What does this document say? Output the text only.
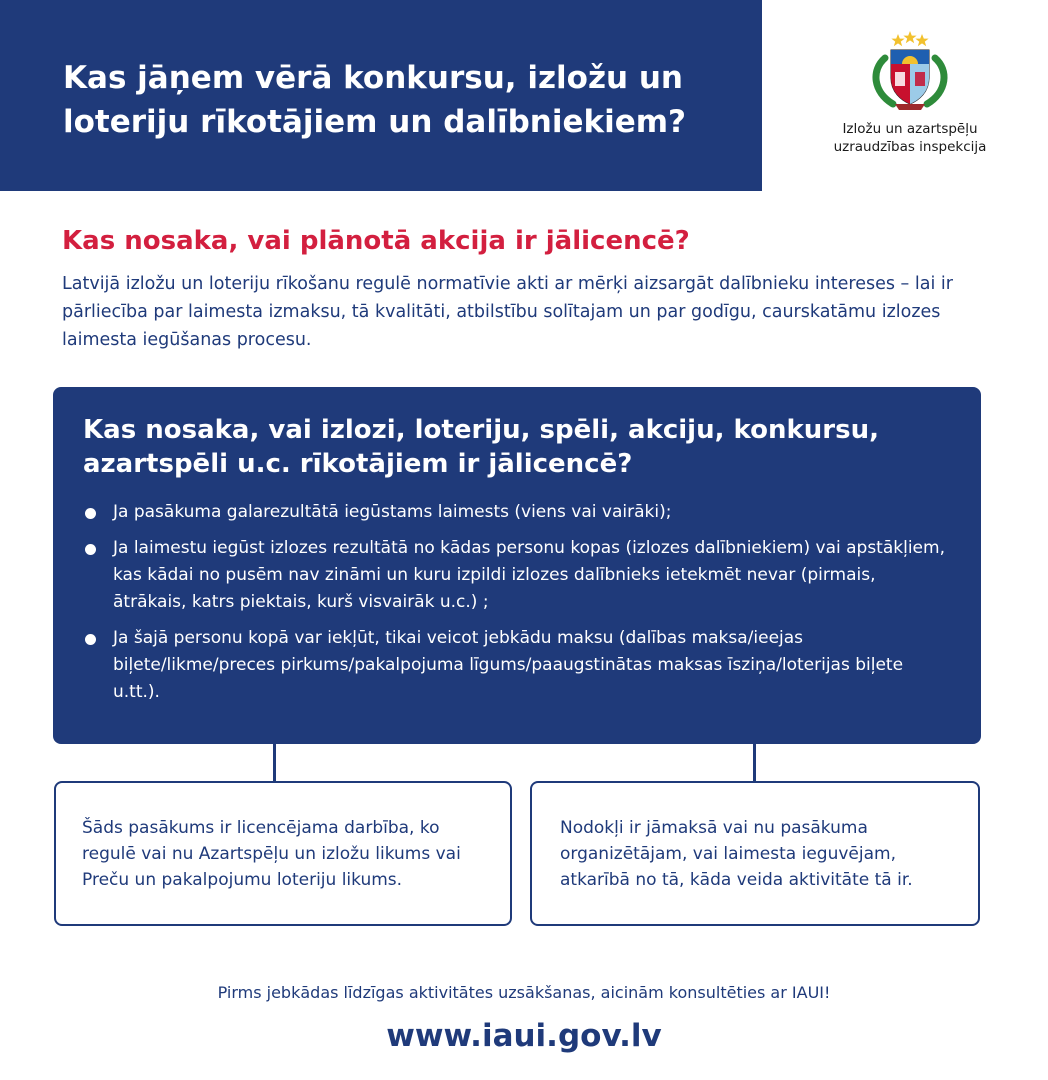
Kas jāņem vērā konkursu, izložu un loteriju rīkotājiem un dalībniekiem?	Izložu un azartspēļu
uzraudzības inspekcija
Kas nosaka, vai plānotā akcija ir jālicencē?

Latvijā izložu un loteriju rīkošanu regulē normatīvie akti ar mērķi aizsargāt dalībnieku intereses – lai ir pārliecība par laimesta izmaksu, tā kvalitāti, atbilstību solītajam un par godīgu, caurskatāmu izlozes laimesta iegūšanas procesu.

Kas nosaka, vai izlozi, loteriju, spēli, akciju, konkursu, azartspēli u.c. rīkotājiem ir jālicencē?
Ja pasākuma galarezultātā iegūstams laimests (viens vai vairāki);
Ja laimestu iegūst izlozes rezultātā no kādas personu kopas (izlozes dalībniekiem) vai apstākļiem, kas kādai no pusēm nav zināmi un kuru izpildi izlozes dalībnieks ietekmēt nevar (pirmais, ātrākais, katrs piektais, kurš visvairāk u.c.) ;
Ja šajā personu kopā var iekļūt, tikai veicot jebkādu maksu (dalības maksa/ieejas biļete/likme/preces pirkums/pakalpojuma līgums/paaugstinātas maksas īsziņa/loterijas biļete u.tt.).
Šāds pasākums ir licencējama darbība, ko regulē vai nu Azartspēļu un izložu likums vai Preču un pakalpojumu loteriju likums.
Nodokļi ir jāmaksā vai nu pasākuma organizētājam, vai laimesta ieguvējam, atkarībā no tā, kāda veida aktivitāte tā ir.

Pirms jebkādas līdzīgas aktivitātes uzsākšanas, aicinām konsultēties ar IAUI!

www.iaui.gov.lv
